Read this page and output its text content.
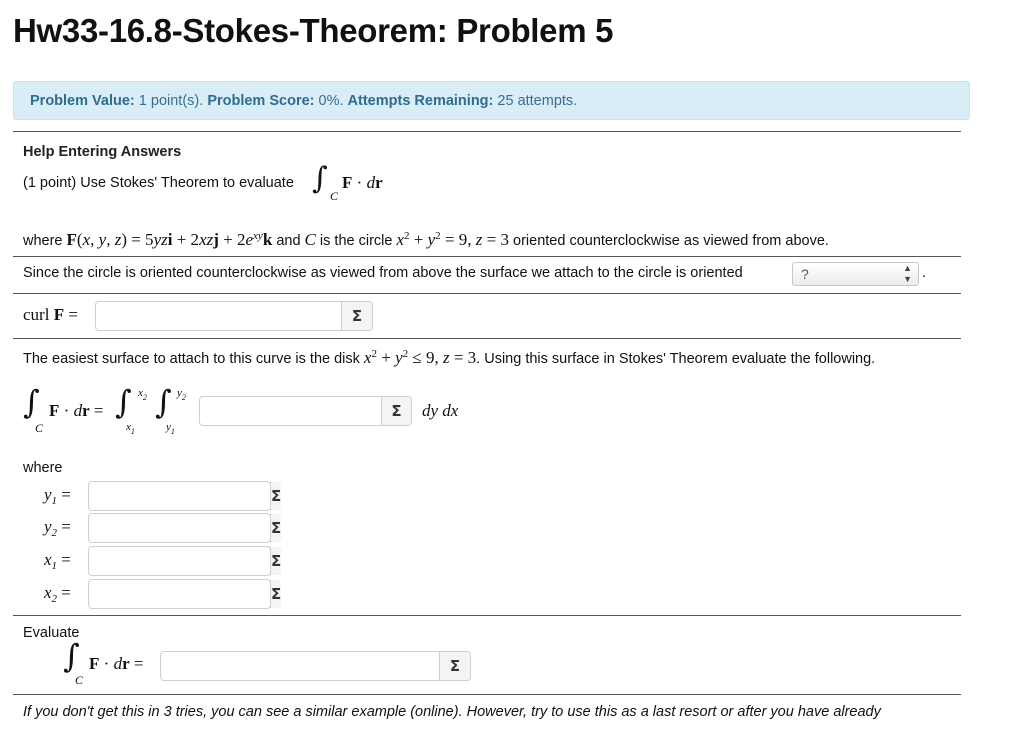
Hw33-16.8-Stokes-Theorem: Problem 5
Problem Value: 1 point(s). Problem Score: 0%. Attempts Remaining: 25 attempts.
Help Entering Answers
(1 point) Use Stokes' Theorem to evaluate ∫ C
F · dr
where F(x, y, $z) = 5yzi + 2xzj + 2e^{xy}k$ and C is the circle $x^2 + y^2 = 9$, z = 3 oriented counterclockwise as viewed from above.
Since the circle is oriented counterclockwise as viewed from above the surface we attach to the circle is oriented	?	▲
▼ .
curl F =	Σ
The easiest surface to attach to this curve is the disk $x^2 + y^2 \le 9$, z = 3. Using this surface in Stokes' Theorem evaluate the following.
∫
C
F · dr = ∫ $x_2$
$x_1$
∫ $y_2$
$y_1$
Σ	dy dx
where
$y_1$ =	Σ
$y_2$ =	Σ
$x_1$ =	Σ
$x_2$ =	Σ
Evaluate
∫
C
F · dr =	Σ
If you don't get this in 3 tries, you can see a similar example (online). However, try to use this as a last resort or after you have already
